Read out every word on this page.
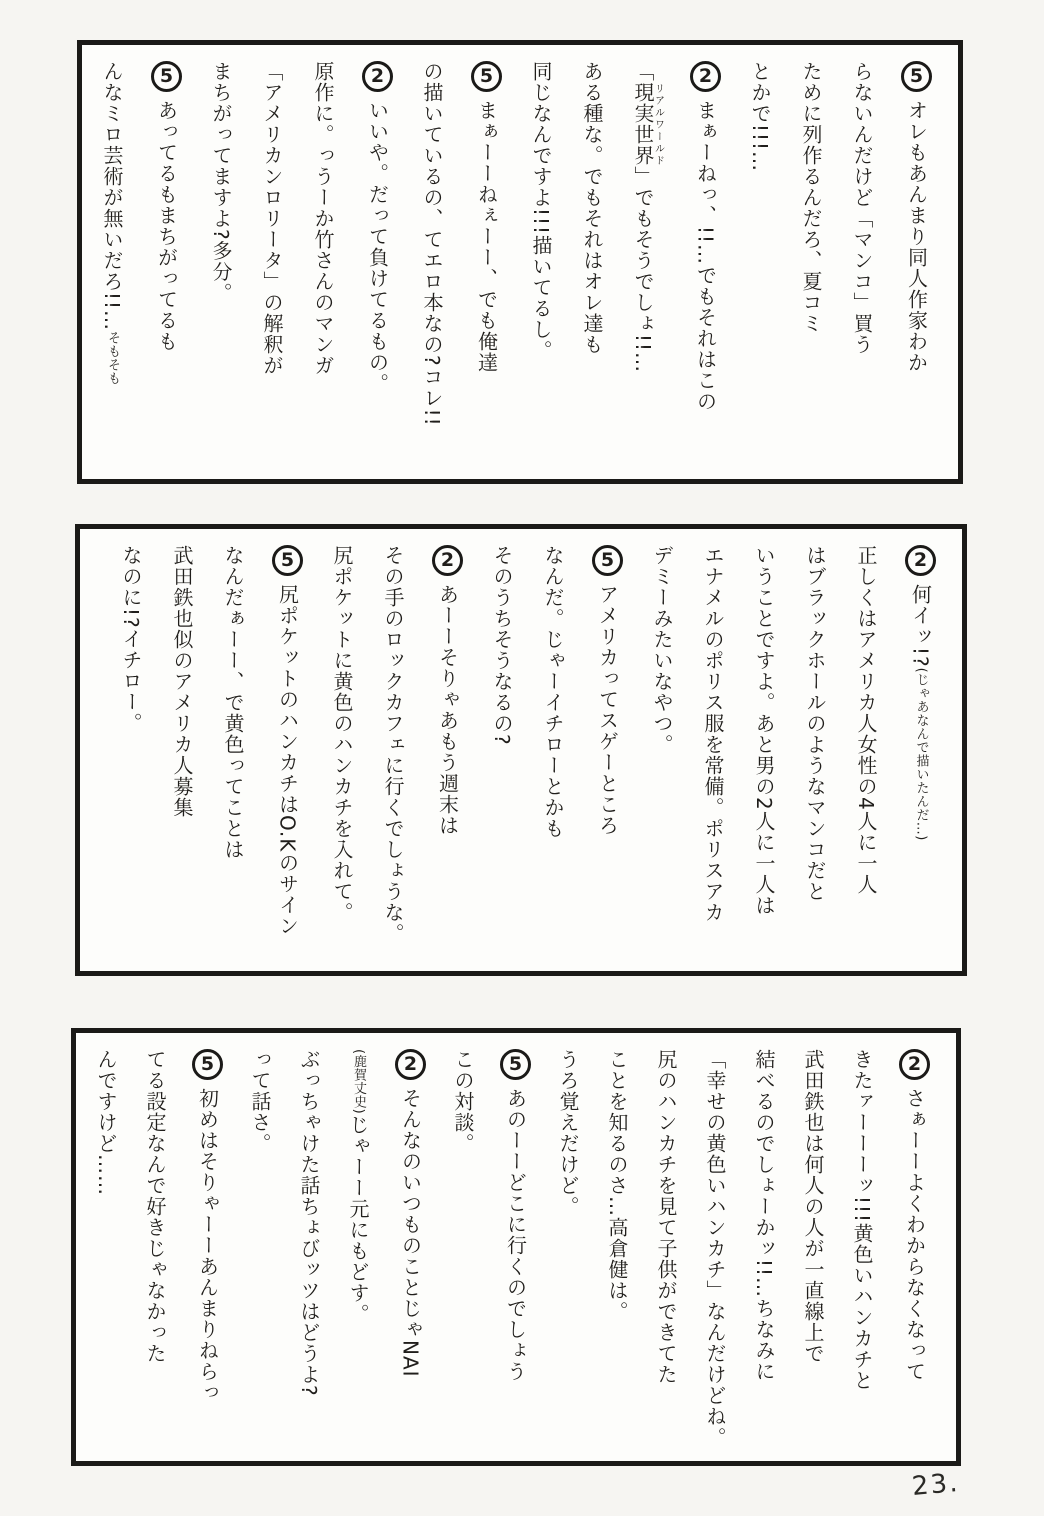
5オレもあんまり同人作家わか

らないんだけど「マンコ」買う

ために列作るんだろ、夏コミ

とかで!!!…

2まぁーねっ、!!…でもそれはこの

「現実世界リアルワールド」でもそうでしょ!!…

ある種な。でもそれはオレ達も

同じなんですよ!!!描いてるし。

5まぁーーねぇーー、でも俺達

の描いているの、てエロ本なの?コレ!!

2いいや。だって負けてるもの。

原作に。っうーか竹さんのマンガ

「アメリカンロリータ」の解釈が

まちがってますよ?多分。

5あってるもまちがってるも

んなミロ芸術が無いだろ!!…そもそも

2何イッ!?(じゃあなんで描いたんだ…)

正しくはアメリカ人女性の4人に一人

はブラックホールのようなマンコだと

いうことですよ。あと男の2人に一人は

エナメルのポリス服を常備。ポリスアカ

デミーみたいなやつ。

5アメリカってスゲーところ

なんだ。じゃーイチローとかも

そのうちそうなるの?

2あーーそりゃあもう週末は

その手のロックカフェに行くでしょうな。

尻ポケットに黄色のハンカチを入れて。

5尻ポケットのハンカチはO.Kのサイン

なんだぁーー、で黄色ってことは

武田鉄也似のアメリカ人募集

なのに!?イチロー。

2さぁーーよくわからなくなって

きたァーーーッ!!!黄色いハンカチと

武田鉄也は何人の人が一直線上で

結べるのでしょーかッ!!…ちなみに

「幸せの黄色いハンカチ」なんだけどね。

尻のハンカチを見て子供ができてた

ことを知るのさ…高倉健は。

うろ覚えだけど。

5あのーーどこに行くのでしょう

この対談。

2そんなのいつものことじゃNAI

(鹿賀丈史)じゃーー元にもどす。

ぶっちゃけた話ちょびッツはどうよ?

って話さ。

5初めはそりゃーーあんまりねらっ

てる設定なんで好きじゃなかった

んですけど……

23.
